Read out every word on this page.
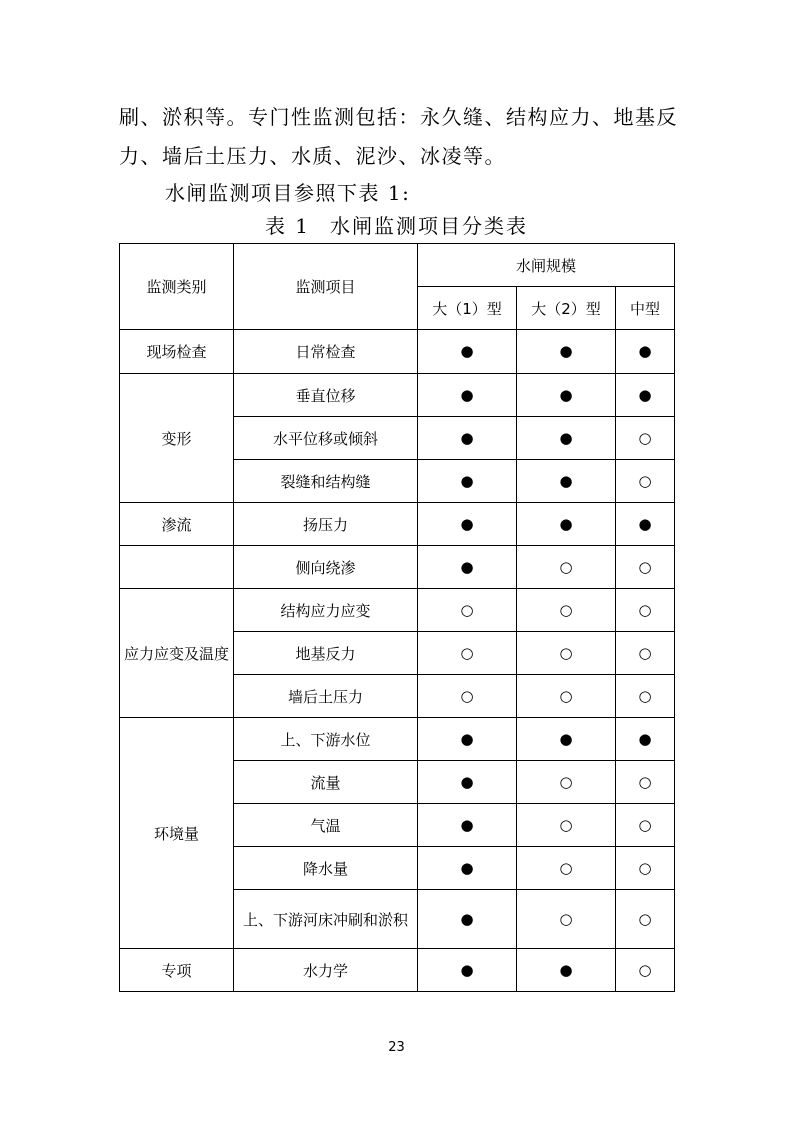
刷、淤积等。专门性监测包括：永久缝、结构应力、地基反力、墙后土压力、水质、泥沙、冰凌等。

水闸监测项目参照下表 1:

表 1 水闸监测项目分类表
监测类别	监测项目	水闸规模		
		大（1）型	大（2）型	中型
现场检查	日常检查	●	●	●
变形	垂直位移	●	●	●
	水平位移或倾斜	●	●	○
	裂缝和结构缝	●	●	○
渗流	扬压力	●	●	●
	侧向绕渗	●	○	○
应力应变及温度	结构应力应变	○	○	○
	地基反力	○	○	○
	墙后土压力	○	○	○
环境量	上、下游水位	●	●	●
	流量	●	○	○
	气温	●	○	○
	降水量	●	○	○
	上、下游河床冲刷和淤积	●	○	○
专项	水力学	●	●	○
23
